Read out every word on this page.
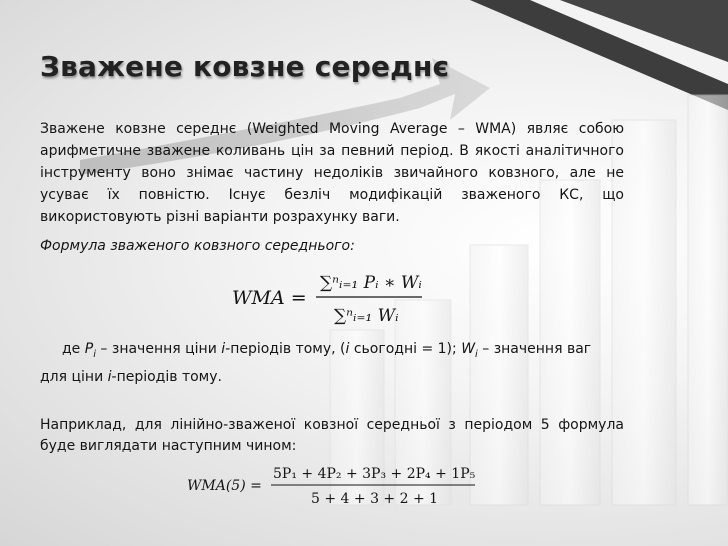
Зважене ковзне середнє

Зважене ковзне середнє (Weighted Moving Average – WMA) являє собою арифметичне зважене коливань цін за певний період. В якості аналітичного інструменту воно знімає частину недоліків звичайного ковзного, але не усуває їх повністю. Існує безліч модифікацій зваженого КС, що використовують різні варіанти розрахунку ваги.

Формула зваженого ковзного середнього:

WMA =
∑ⁿᵢ₌₁ Pᵢ ∗ Wᵢ
∑ⁿᵢ₌₁ Wᵢ
де $P_i$ – значення ціни i-періодів тому, (i сьогодні = 1); $W_i$ – значення ваг
для ціни i-періодів тому.

Наприклад, для лінійно-зваженої ковзної середньої з періодом 5 формула буде виглядати наступним чином:

WMA(5) =
5P₁ + 4P₂ + 3P₃ + 2P₄ + 1P₅
5 + 4 + 3 + 2 + 1
